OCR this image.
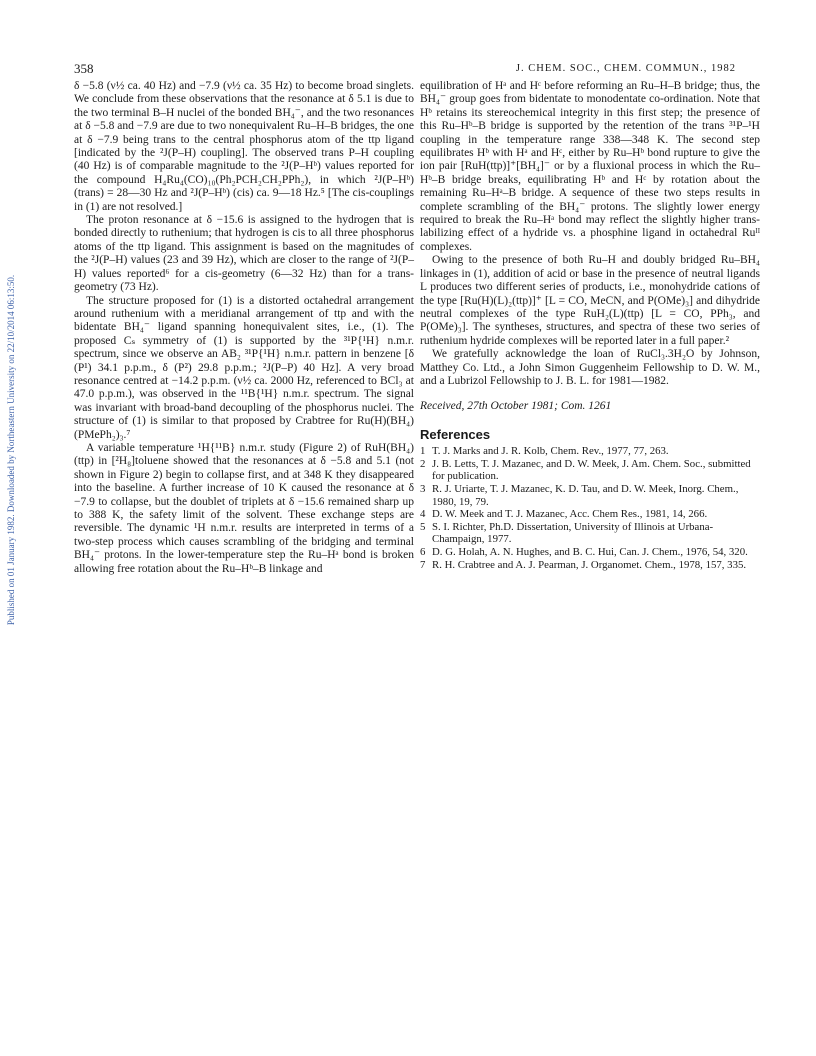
Published on 01 January 1982. Downloaded by Northeastern University on 22/10/2014 06:13:50.
358	J. CHEM. SOC., CHEM. COMMUN., 1982

δ −5.8 (ν½ ca. 40 Hz) and −7.9 (ν½ ca. 35 Hz) to become broad singlets. We conclude from these observations that the resonance at δ 5.1 is due to the two terminal B–H nuclei of the bonded BH₄⁻, and the two resonances at δ −5.8 and −7.9 are due to two nonequivalent Ru–H–B bridges, the one at δ −7.9 being trans to the central phosphorus atom of the ttp ligand [indicated by the ²J(P–H) coupling]. The observed trans P–H coupling (40 Hz) is of comparable magnitude to the ²J(P–Hᵇ) values reported for the compound H₄Ru₄(CO)₁₀(Ph₂PCH₂CH₂PPh₂), in which ²J(P–Hᵇ) (trans) = 28—30 Hz and ²J(P–Hᵇ) (cis) ca. 9—18 Hz.⁵ [The cis-couplings in (1) are not resolved.]

The proton resonance at δ −15.6 is assigned to the hydrogen that is bonded directly to ruthenium; that hydrogen is cis to all three phosphorus atoms of the ttp ligand. This assignment is based on the magnitudes of the ²J(P–H) values (23 and 39 Hz), which are closer to the range of ²J(P–H) values reported⁶ for a cis-geometry (6—32 Hz) than for a trans-geometry (73 Hz).

The structure proposed for (1) is a distorted octahedral arrangement around ruthenium with a meridianal arrangement of ttp and with the bidentate BH₄⁻ ligand spanning honequivalent sites, i.e., (1). The proposed Cₛ symmetry of (1) is supported by the ³¹P{¹H} n.m.r. spectrum, since we observe an AB₂ ³¹P{¹H} n.m.r. pattern in benzene [δ (P¹) 34.1 p.p.m., δ (P²) 29.8 p.p.m.; ²J(P–P) 40 Hz]. A very broad resonance centred at −14.2 p.p.m. (ν½ ca. 2000 Hz, referenced to BCl₃ at 47.0 p.p.m.), was observed in the ¹¹B{¹H} n.m.r. spectrum. The signal was invariant with broad-band decoupling of the phosphorus nuclei. The structure of (1) is similar to that proposed by Crabtree for Ru(H)(BH₄)(PMePh₂)₃.⁷

A variable temperature ¹H{¹¹B} n.m.r. study (Figure 2) of RuH(BH₄)(ttp) in [²H₈]toluene showed that the resonances at δ −5.8 and 5.1 (not shown in Figure 2) begin to collapse first, and at 348 K they disappeared into the baseline. A further increase of 10 K caused the resonance at δ −7.9 to collapse, but the doublet of triplets at δ −15.6 remained sharp up to 388 K, the safety limit of the solvent. These exchange steps are reversible. The dynamic ¹H n.m.r. results are interpreted in terms of a two-step process which causes scrambling of the bridging and terminal BH₄⁻ protons. In the lower-temperature step the Ru–Hᵃ bond is broken allowing free rotation about the Ru–Hᵇ–B linkage and

equilibration of Hᵃ and Hᶜ before reforming an Ru–H–B bridge; thus, the BH₄⁻ group goes from bidentate to monodentate co-ordination. Note that Hᵇ retains its stereochemical integrity in this first step; the presence of this Ru–Hᵇ–B bridge is supported by the retention of the trans ³¹P–¹H coupling in the temperature range 338—348 K. The second step equilibrates Hᵇ with Hᵃ and Hᶜ, either by Ru–Hᵇ bond rupture to give the ion pair [RuH(ttp)]⁺[BH₄]⁻ or by a fluxional process in which the Ru–Hᵇ–B bridge breaks, equilibrating Hᵇ and Hᶜ by rotation about the remaining Ru–Hᵃ–B bridge. A sequence of these two steps results in complete scrambling of the BH₄⁻ protons. The slightly lower energy required to break the Ru–Hᵃ bond may reflect the slightly higher trans-labilizing effect of a hydride vs. a phosphine ligand in octahedral Ruᴵᴵ complexes.

Owing to the presence of both Ru–H and doubly bridged Ru–BH₄ linkages in (1), addition of acid or base in the presence of neutral ligands L produces two different series of products, i.e., monohydride cations of the type [Ru(H)(L)₂(ttp)]⁺ [L = CO, MeCN, and P(OMe)₃] and dihydride neutral complexes of the type RuH₂(L)(ttp) [L = CO, PPh₃, and P(OMe)₃]. The syntheses, structures, and spectra of these two series of ruthenium hydride complexes will be reported later in a full paper.²

We gratefully acknowledge the loan of RuCl₃.3H₂O by Johnson, Matthey Co. Ltd., a John Simon Guggenheim Fellowship to D. W. M., and a Lubrizol Fellowship to J. B. L. for 1981—1982.

Received, 27th October 1981; Com. 1261
References
1 T. J. Marks and J. R. Kolb, Chem. Rev., 1977, 77, 263.
2 J. B. Letts, T. J. Mazanec, and D. W. Meek, J. Am. Chem. Soc., submitted for publication.
3 R. J. Uriarte, T. J. Mazanec, K. D. Tau, and D. W. Meek, Inorg. Chem., 1980, 19, 79.
4 D. W. Meek and T. J. Mazanec, Acc. Chem Res., 1981, 14, 266.
5 S. I. Richter, Ph.D. Dissertation, University of Illinois at Urbana-Champaign, 1977.
6 D. G. Holah, A. N. Hughes, and B. C. Hui, Can. J. Chem., 1976, 54, 320.
7 R. H. Crabtree and A. J. Pearman, J. Organomet. Chem., 1978, 157, 335.
